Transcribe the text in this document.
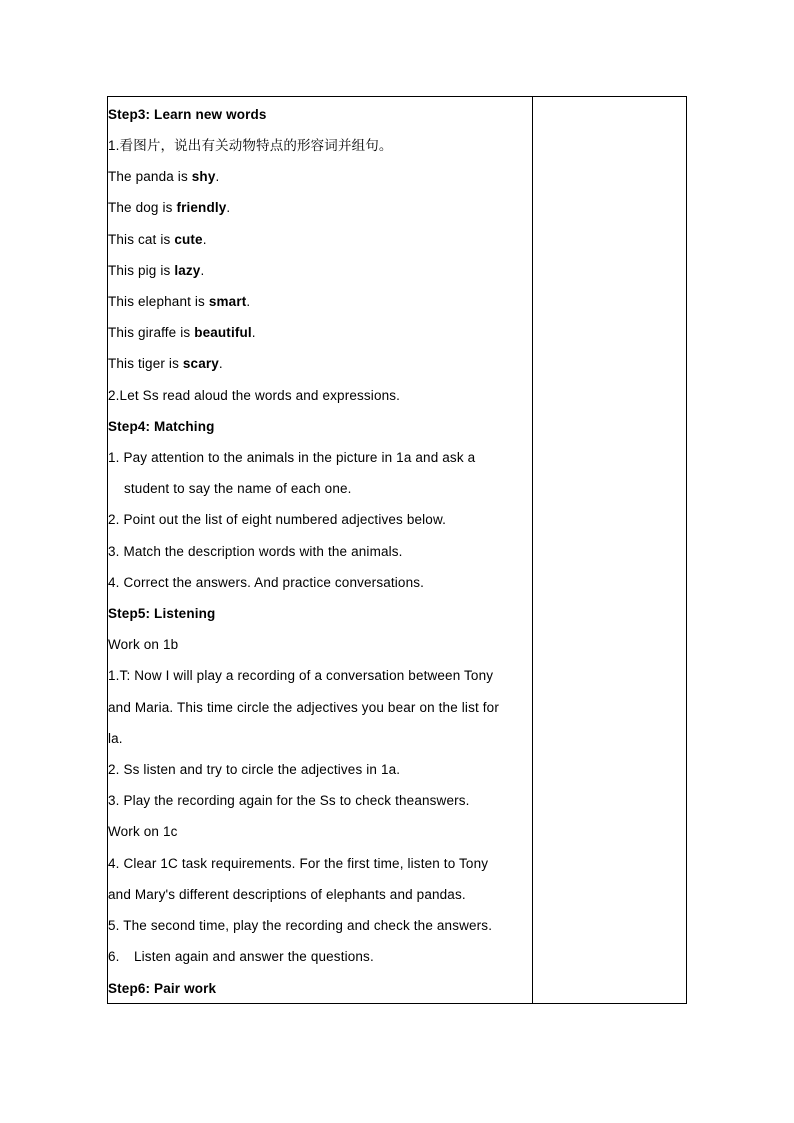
Step3: Learn new words
1.看图片，说出有关动物特点的形容词并组句。
The panda is shy.
The dog is friendly.
This cat is cute.
This pig is lazy.
This elephant is smart.
This giraffe is beautiful.
This tiger is scary.
2.Let Ss read aloud the words and expressions.
Step4: Matching
1. Pay attention to the animals in the picture in 1a and ask a
student to say the name of each one.
2. Point out the list of eight numbered adjectives below.
3. Match the description words with the animals.
4. Correct the answers. And practice conversations.
Step5: Listening
Work on 1b
1.T: Now I will play a recording of a conversation between Tony
and Maria. This time circle the adjectives you bear on the list for
la.
2. Ss listen and try to circle the adjectives in 1a.
3. Play the recording again for the Ss to check theanswers.
Work on 1c
4. Clear 1C task requirements. For the first time, listen to Tony
and Mary's different descriptions of elephants and pandas.
5. The second time, play the recording and check the answers.
6. Listen again and answer the questions.
Step6: Pair work
